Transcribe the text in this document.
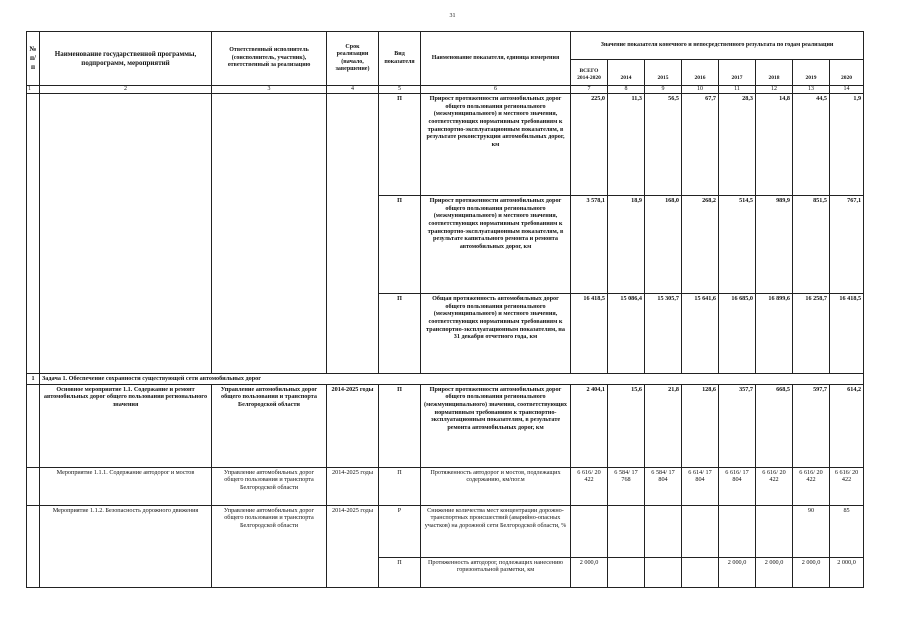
31
№ п/п	Наименование государственной программы, подпрограмм, мероприятий	Ответственный исполнитель (соисполнитель, участник), ответственный за реализацию	Срок реализации (начало, завершение)	Вид показателя	Наименование показателя, единица измерения	Значение показателя конечного и непосредственного результата по годам реализации							
						ВСЕГО 2014-2020	2014	2015	2016	2017	2018	2019	2020
1	2	3	4	5	6	7	8	9	10	11	12	13	14
				П	Прирост протяженности автомобильных дорог общего пользования регионального (межмуниципального) и местного значения, соответствующих нормативным требованиям к транспортно-эксплуатационным показателям, в результате реконструкции автомобильных дорог, км	225,0	11,3	56,5	67,7	28,3	14,8	44,5	1,9
				П	Прирост протяженности автомобильных дорог общего пользования регионального (межмуниципального) и местного значения, соответствующих нормативным требованиям к транспортно-эксплуатационным показателям, в результате капитального ремонта и ремонта автомобильных дорог, км	3 578,1	18,9	168,0	268,2	514,5	989,9	851,5	767,1
				П	Общая протяженность автомобильных дорог общего пользования регионального (межмуниципального) и местного значения, соответствующих нормативным требованиям к транспортно-эксплуатационным показателям, на 31 декабря отчетного года, км	16 418,5	15 086,4	15 305,7	15 641,6	16 685,0	16 899,6	16 258,7	16 418,5
1	Задача 1. Обеспечение сохранности существующей сети автомобильных дорог												
	Основное мероприятие 1.1. Содержание и ремонт автомобильных дорог общего пользования регионального значения	Управление автомобильных дорог общего пользования и транспорта Белгородской области	2014-2025 годы	П	Прирост протяженности автомобильных дорог общего пользования регионального (межмуниципального) значения, соответствующих нормативным требованиям к транспортно-эксплуатационным показателям, в результате ремонта автомобильных дорог, км	2 404,1	15,6	21,8	128,6	357,7	668,5	597,7	614,2
	Мероприятие 1.1.1. Содержание автодорог и мостов	Управление автомобильных дорог общего пользования и транспорта Белгородской области	2014-2025 годы	П	Протяженность автодорог и мостов, подлежащих содержанию, км/пог.м	6 616/ 20 422	6 584/ 17 768	6 584/ 17 804	6 614/ 17 804	6 616/ 17 804	6 616/ 20 422	6 616/ 20 422	6 616/ 20 422
	Мероприятие 1.1.2. Безопасность дорожного движения	Управление автомобильных дорог общего пользования и транспорта Белгородской области	2014-2025 годы	Р	Снижение количества мест концентрации дорожно-транспортных происшествий (аварийно-опасных участков) на дорожной сети Белгородской области, %							90	85
				П	Протяженность автодорог, подлежащих нанесению горизонтальной разметки, км	2 000,0				2 000,0	2 000,0	2 000,0	2 000,0
